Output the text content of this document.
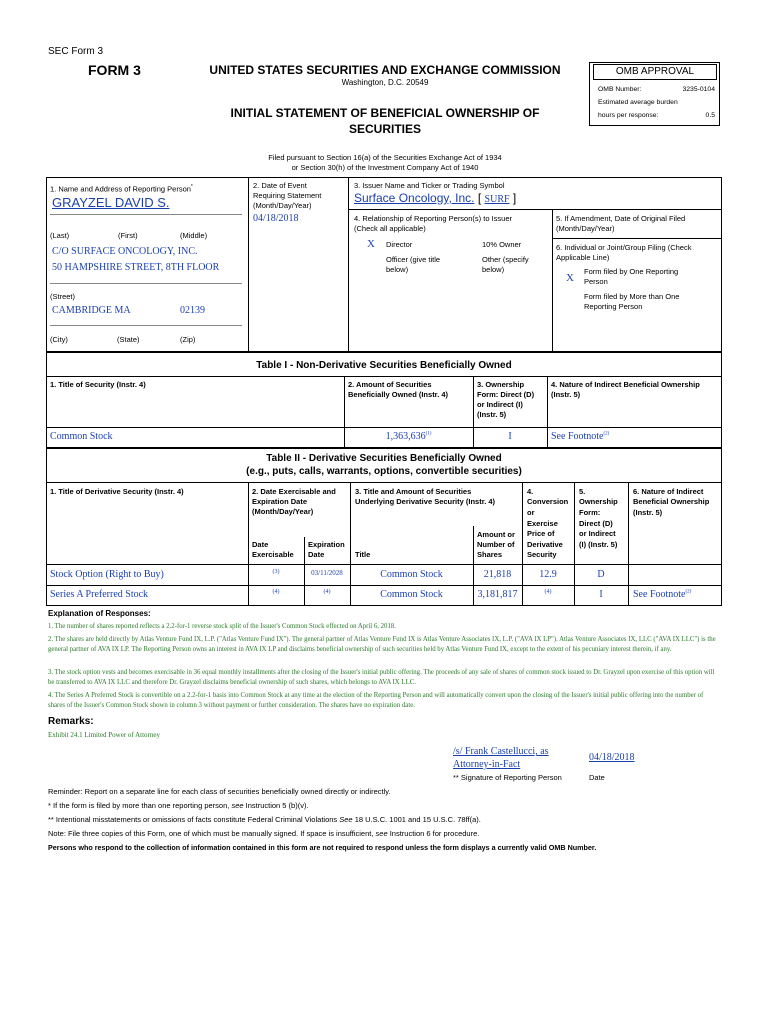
SEC Form 3
FORM 3	UNITED STATES SECURITIES AND EXCHANGE COMMISSION
Washington, D.C. 20549
INITIAL STATEMENT OF BENEFICIAL OWNERSHIP OF
SECURITIES
Filed pursuant to Section 16(a) of the Securities Exchange Act of 1934
or Section 30(h) of the Investment Company Act of 1940
OMB APPROVAL
OMB Number:	3235-0104
Estimated average burden
hours per response:	0.5
1. Name and Address of Reporting Person*
GRAYZEL DAVID S.
(Last)	(First)	(Middle)
C/O SURFACE ONCOLOGY, INC.
50 HAMPSHIRE STREET, 8TH FLOOR
(Street)
CAMBRIDGE MA	02139
(City)	(State)	(Zip)
2. Date of Event
Requiring Statement
(Month/Day/Year)
04/18/2018
3. Issuer Name and Ticker or Trading Symbol
Surface Oncology, Inc. [ SURF ]
4. Relationship of Reporting Person(s) to Issuer
(Check all applicable)
X Director	10% Owner
Officer (give title
below)
Other (specify
below)
5. If Amendment, Date of Original Filed
(Month/Day/Year)
6. Individual or Joint/Group Filing (Check
Applicable Line)
X
Form filed by One Reporting
Person
Form filed by More than One
Reporting Person
Table I - Non-Derivative Securities Beneficially Owned
1. Title of Security (Instr. 4)	2. Amount of Securities
Beneficially Owned (Instr. 4)
3. Ownership
Form: Direct (D)
or Indirect (I)
(Instr. 5)
4. Nature of Indirect Beneficial Ownership
(Instr. 5)
Common Stock	1,363,636$^{(1)}$	I	See Footnote$^{(2)}$
Table II - Derivative Securities Beneficially Owned
(e.g., puts, calls, warrants, options, convertible securities)
1. Title of Derivative Security (Instr. 4)	2. Date Exercisable and
Expiration Date
(Month/Day/Year)
Date
Exercisable
Expiration
Date
3. Title and Amount of Securities
Underlying Derivative Security (Instr. 4)
Title
Amount or
Number of
Shares
4.
Conversion
or
Exercise
Price of
Derivative
Security
5.
Ownership
Form:
Direct (D)
or Indirect
(I) (Instr. 5)
6. Nature of Indirect
Beneficial Ownership
(Instr. 5)
Stock Option (Right to Buy)	(3)	03/11/2028	Common Stock	21,818	12.9	D
Series A Preferred Stock	(4)	(4)	Common Stock	3,181,817	(4)	I	See Footnote$^{(2)}$
Explanation of Responses:
1. The number of shares reported reflects a 2.2-for-1 reverse stock split of the Issuer's Common Stock effected on April 6, 2018.
2. The shares are held directly by Atlas Venture Fund IX, L.P. ("Atlas Venture Fund IX"). The general partner of Atlas Venture Fund IX is Atlas Venture Associates IX, L.P. ("AVA IX LP"). Atlas Venture Associates IX, LLC ("AVA IX LLC") is the general partner of AVA IX LP. The Reporting Person owns an interest in AVA IX LP and disclaims beneficial ownership of such securities held by Atlas Venture Fund IX, except to the extent of his pecuniary interest therein, if any.
3. The stock option vests and becomes exercisable in 36 equal monthly installments after the closing of the Issuer's initial public offering. The proceeds of any sale of shares of common stock issued to Dr. Grayzel upon exercise of this option will be transferred to AVA IX LLC and therefore Dr. Grayzel disclaims beneficial ownership of such shares, which belongs to AVA IX LLC.
4. The Series A Preferred Stock is convertible on a 2.2-for-1 basis into Common Stock at any time at the election of the Reporting Person and will automatically convert upon the closing of the Issuer's initial public offering into the number of shares of the Issuer's Common Stock shown in column 3 without payment or further consideration. The shares have no expiration date.
Remarks:
Exhibit 24.1 Limited Power of Attorney
/s/ Frank Castellucci, as
Attorney-in-Fact
04/18/2018
** Signature of Reporting Person	Date
Reminder: Report on a separate line for each class of securities beneficially owned directly or indirectly.
* If the form is filed by more than one reporting person, see Instruction 5 (b)(v).
** Intentional misstatements or omissions of facts constitute Federal Criminal Violations See 18 U.S.C. 1001 and 15 U.S.C. 78ff(a).
Note: File three copies of this Form, one of which must be manually signed. If space is insufficient, see Instruction 6 for procedure.
Persons who respond to the collection of information contained in this form are not required to respond unless the form displays a currently valid OMB Number.
